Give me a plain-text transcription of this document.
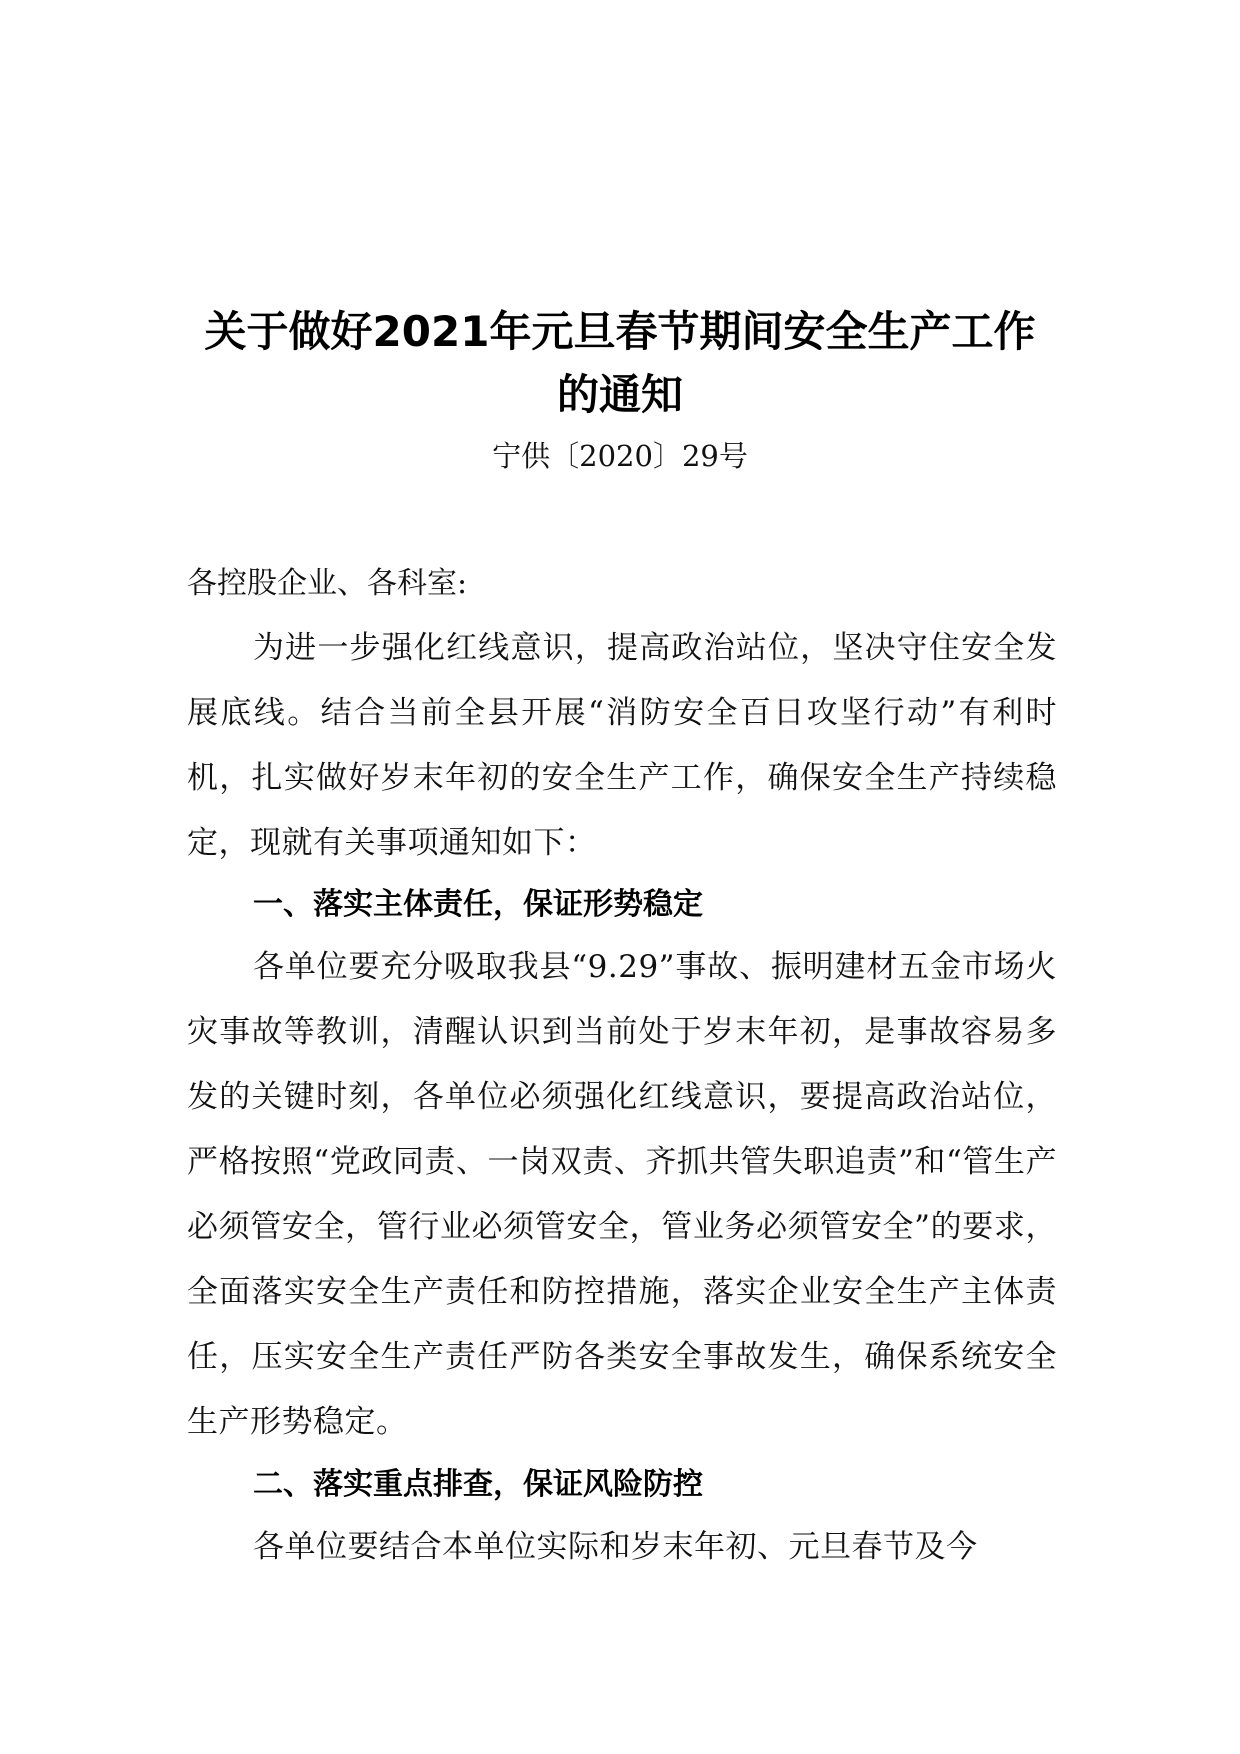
关于做好2021年元旦春节期间安全生产工作的通知
宁供〔2020〕29号

各控股企业、各科室:

为进一步强化红线意识，提高政治站位，坚决守住安全发展底线。结合当前全县开展“消防安全百日攻坚行动”有利时机，扎实做好岁末年初的安全生产工作，确保安全生产持续稳定，现就有关事项通知如下：

一、落实主体责任，保证形势稳定

各单位要充分吸取我县“9.29”事故、振明建材五金市场火灾事故等教训，清醒认识到当前处于岁末年初，是事故容易多发的关键时刻，各单位必须强化红线意识，要提高政治站位，严格按照“党政同责、一岗双责、齐抓共管失职追责”和“管生产必须管安全，管行业必须管安全，管业务必须管安全”的要求，全面落实安全生产责任和防控措施，落实企业安全生产主体责任，压实安全生产责任严防各类安全事故发生，确保系统安全生产形势稳定。

二、落实重点排查，保证风险防控

各单位要结合本单位实际和岁末年初、元旦春节及今
